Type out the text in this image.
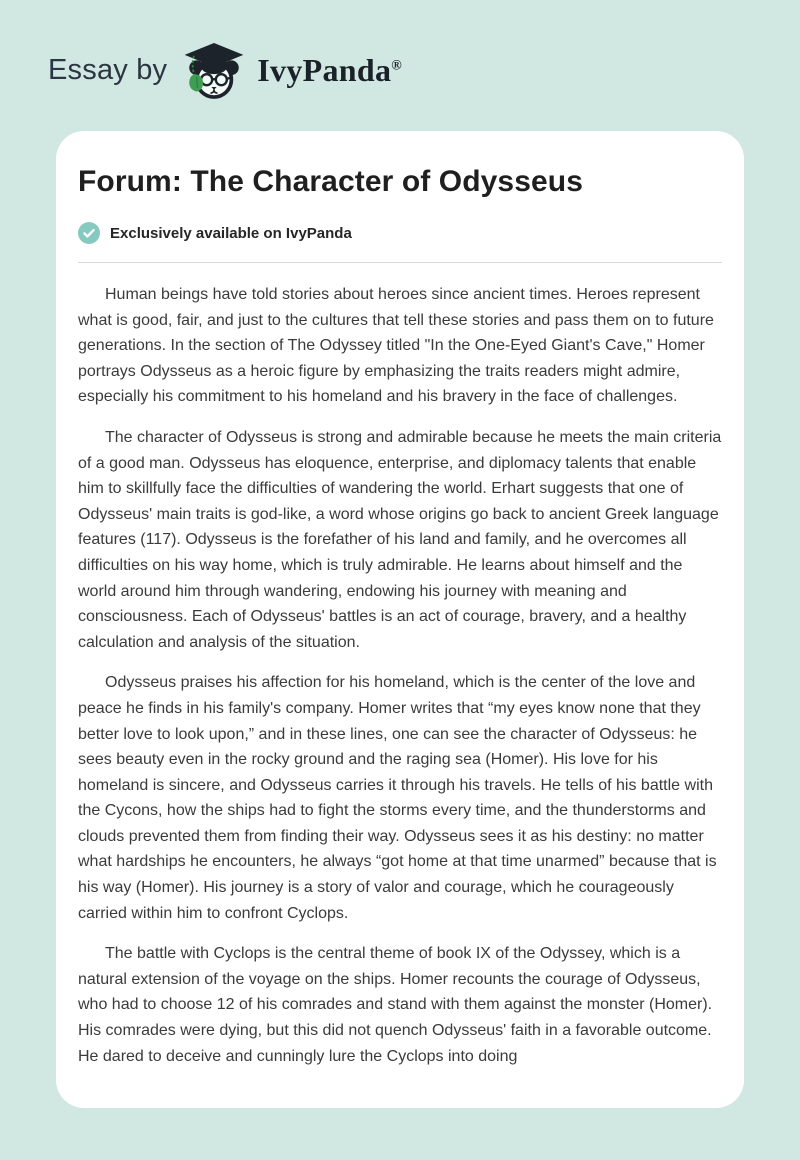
Essay by	IvyPanda®
Forum: The Character of Odysseus
Exclusively available on IvyPanda

Human beings have told stories about heroes since ancient times. Heroes represent what is good, fair, and just to the cultures that tell these stories and pass them on to future generations. In the section of The Odyssey titled "In the One-Eyed Giant's Cave," Homer portrays Odysseus as a heroic figure by emphasizing the traits readers might admire, especially his commitment to his homeland and his bravery in the face of challenges.

The character of Odysseus is strong and admirable because he meets the main criteria of a good man. Odysseus has eloquence, enterprise, and diplomacy talents that enable him to skillfully face the difficulties of wandering the world. Erhart suggests that one of Odysseus' main traits is god-like, a word whose origins go back to ancient Greek language features (117). Odysseus is the forefather of his land and family, and he overcomes all difficulties on his way home, which is truly admirable. He learns about himself and the world around him through wandering, endowing his journey with meaning and consciousness. Each of Odysseus' battles is an act of courage, bravery, and a healthy calculation and analysis of the situation.

Odysseus praises his affection for his homeland, which is the center of the love and peace he finds in his family's company. Homer writes that “my eyes know none that they better love to look upon,” and in these lines, one can see the character of Odysseus: he sees beauty even in the rocky ground and the raging sea (Homer). His love for his homeland is sincere, and Odysseus carries it through his travels. He tells of his battle with the Cycons, how the ships had to fight the storms every time, and the thunderstorms and clouds prevented them from finding their way. Odysseus sees it as his destiny: no matter what hardships he encounters, he always “got home at that time unarmed” because that is his way (Homer). His journey is a story of valor and courage, which he courageously carried within him to confront Cyclops.

The battle with Cyclops is the central theme of book IX of the Odyssey, which is a natural extension of the voyage on the ships. Homer recounts the courage of Odysseus, who had to choose 12 of his comrades and stand with them against the monster (Homer). His comrades were dying, but this did not quench Odysseus' faith in a favorable outcome. He dared to deceive and cunningly lure the Cyclops into doing
